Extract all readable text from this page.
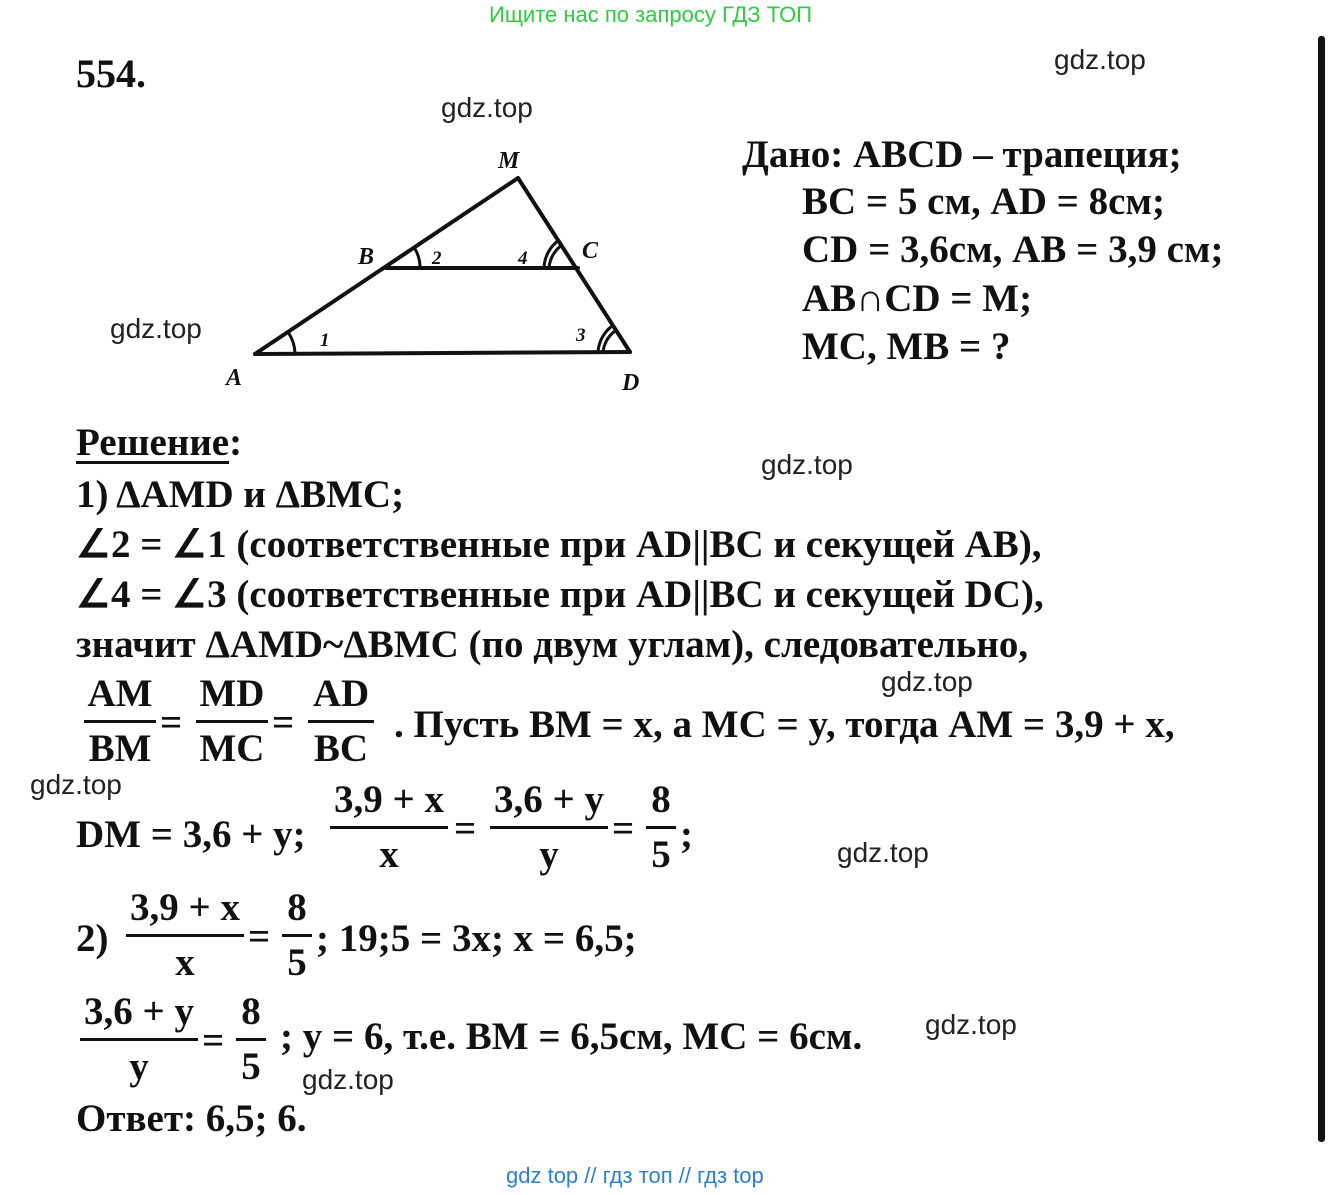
Ищите нас по запросу ГДЗ ТОП
gdz top // гдз топ // гдз top
554.	gdz.top
gdz.top
gdz.top
gdz.top
gdz.top
gdz.top
gdz.top
gdz.top
gdz.top
A
B	C
D
M
1
2
3
4
Дано: ABCD – трапеция;
BC = 5 см, AD = 8см;
CD = 3,6см, AB = 3,9 см;
AB∩CD = M;
MC, MB = ?
Решение:
1) ΔAMD и ΔBMC;
∠2 = ∠1 (соответственные при AD||BC и секущей AB),
∠4 = ∠3 (соответственные при AD||BC и секущей DC),
значит ΔAMD~ΔBMC (по двум углам), следовательно,
AM
BM
=
MD
MC
=
AD
BC
. Пусть BM = x, а MC = y, тогда AM = 3,9 + x,
DM = 3,6 + y;
3,9 + x
x
=
3,6 + y
y
=
8
5 ;
2)
3,9 + x
x
=
8
5
; 19;5 = 3x; x = 6,5;
3,6 + y
y
=
8
5
; y = 6, т.е. BM = 6,5см, MC = 6см.
Ответ: 6,5; 6.
